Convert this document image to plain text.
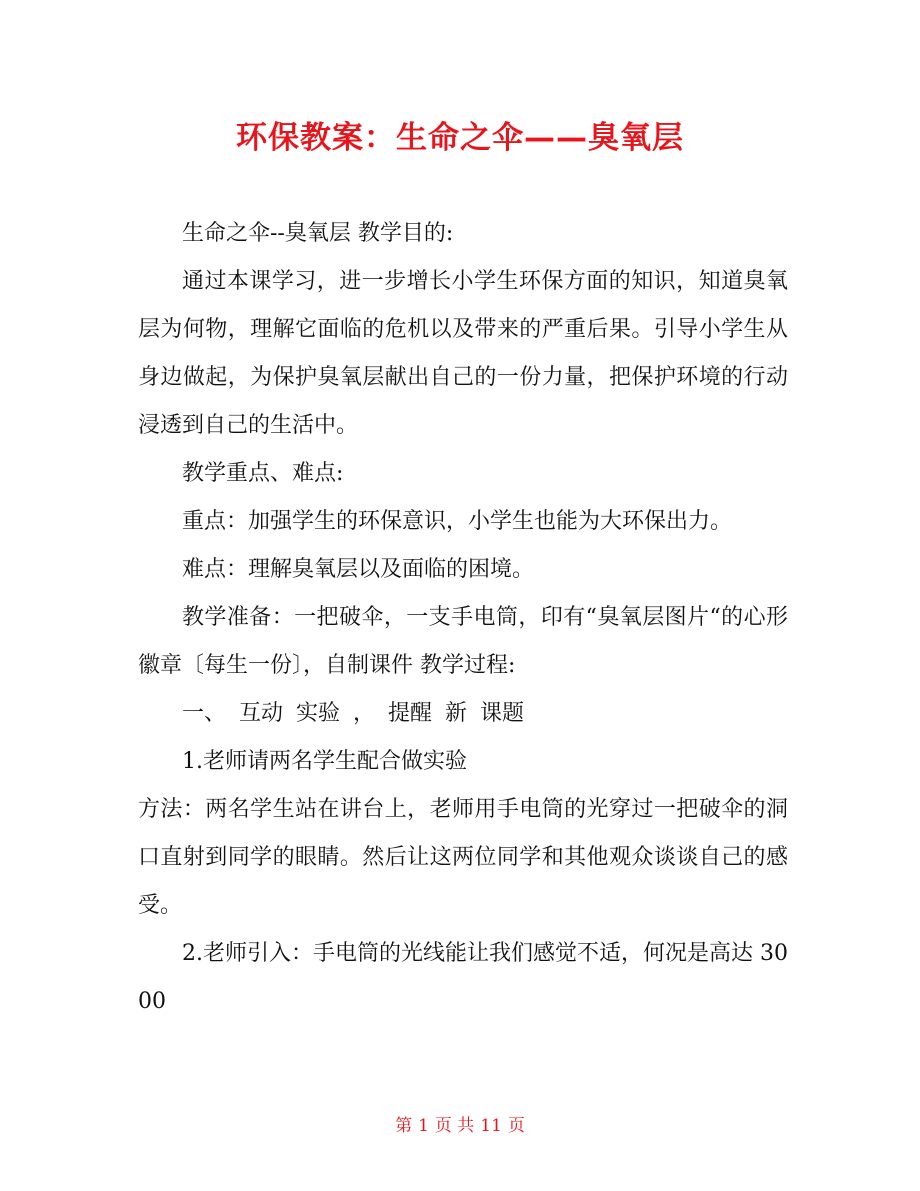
环保教案：生命之伞——臭氧层

生命之伞--臭氧层 教学目的:

通过本课学习，进一步增长小学生环保方面的知识，知道臭氧层为何物，理解它面临的危机以及带来的严重后果。引导小学生从身边做起，为保护臭氧层献出自己的一份力量，把保护环境的行动浸透到自己的生活中。

教学重点、难点:

重点：加强学生的环保意识，小学生也能为大环保出力。

难点：理解臭氧层以及面临的困境。

教学准备：一把破伞，一支手电筒，印有“臭氧层图片“的心形徽章〔每生一份〕，自制课件 教学过程:

一、 互动 实验 ， 提醒 新 课题

1.老师请两名学生配合做实验

方法：两名学生站在讲台上，老师用手电筒的光穿过一把破伞的洞口直射到同学的眼睛。然后让这两位同学和其他观众谈谈自己的感受。

2.老师引入：手电筒的光线能让我们感觉不适，何况是高达 3000

第 1 页 共 11 页
